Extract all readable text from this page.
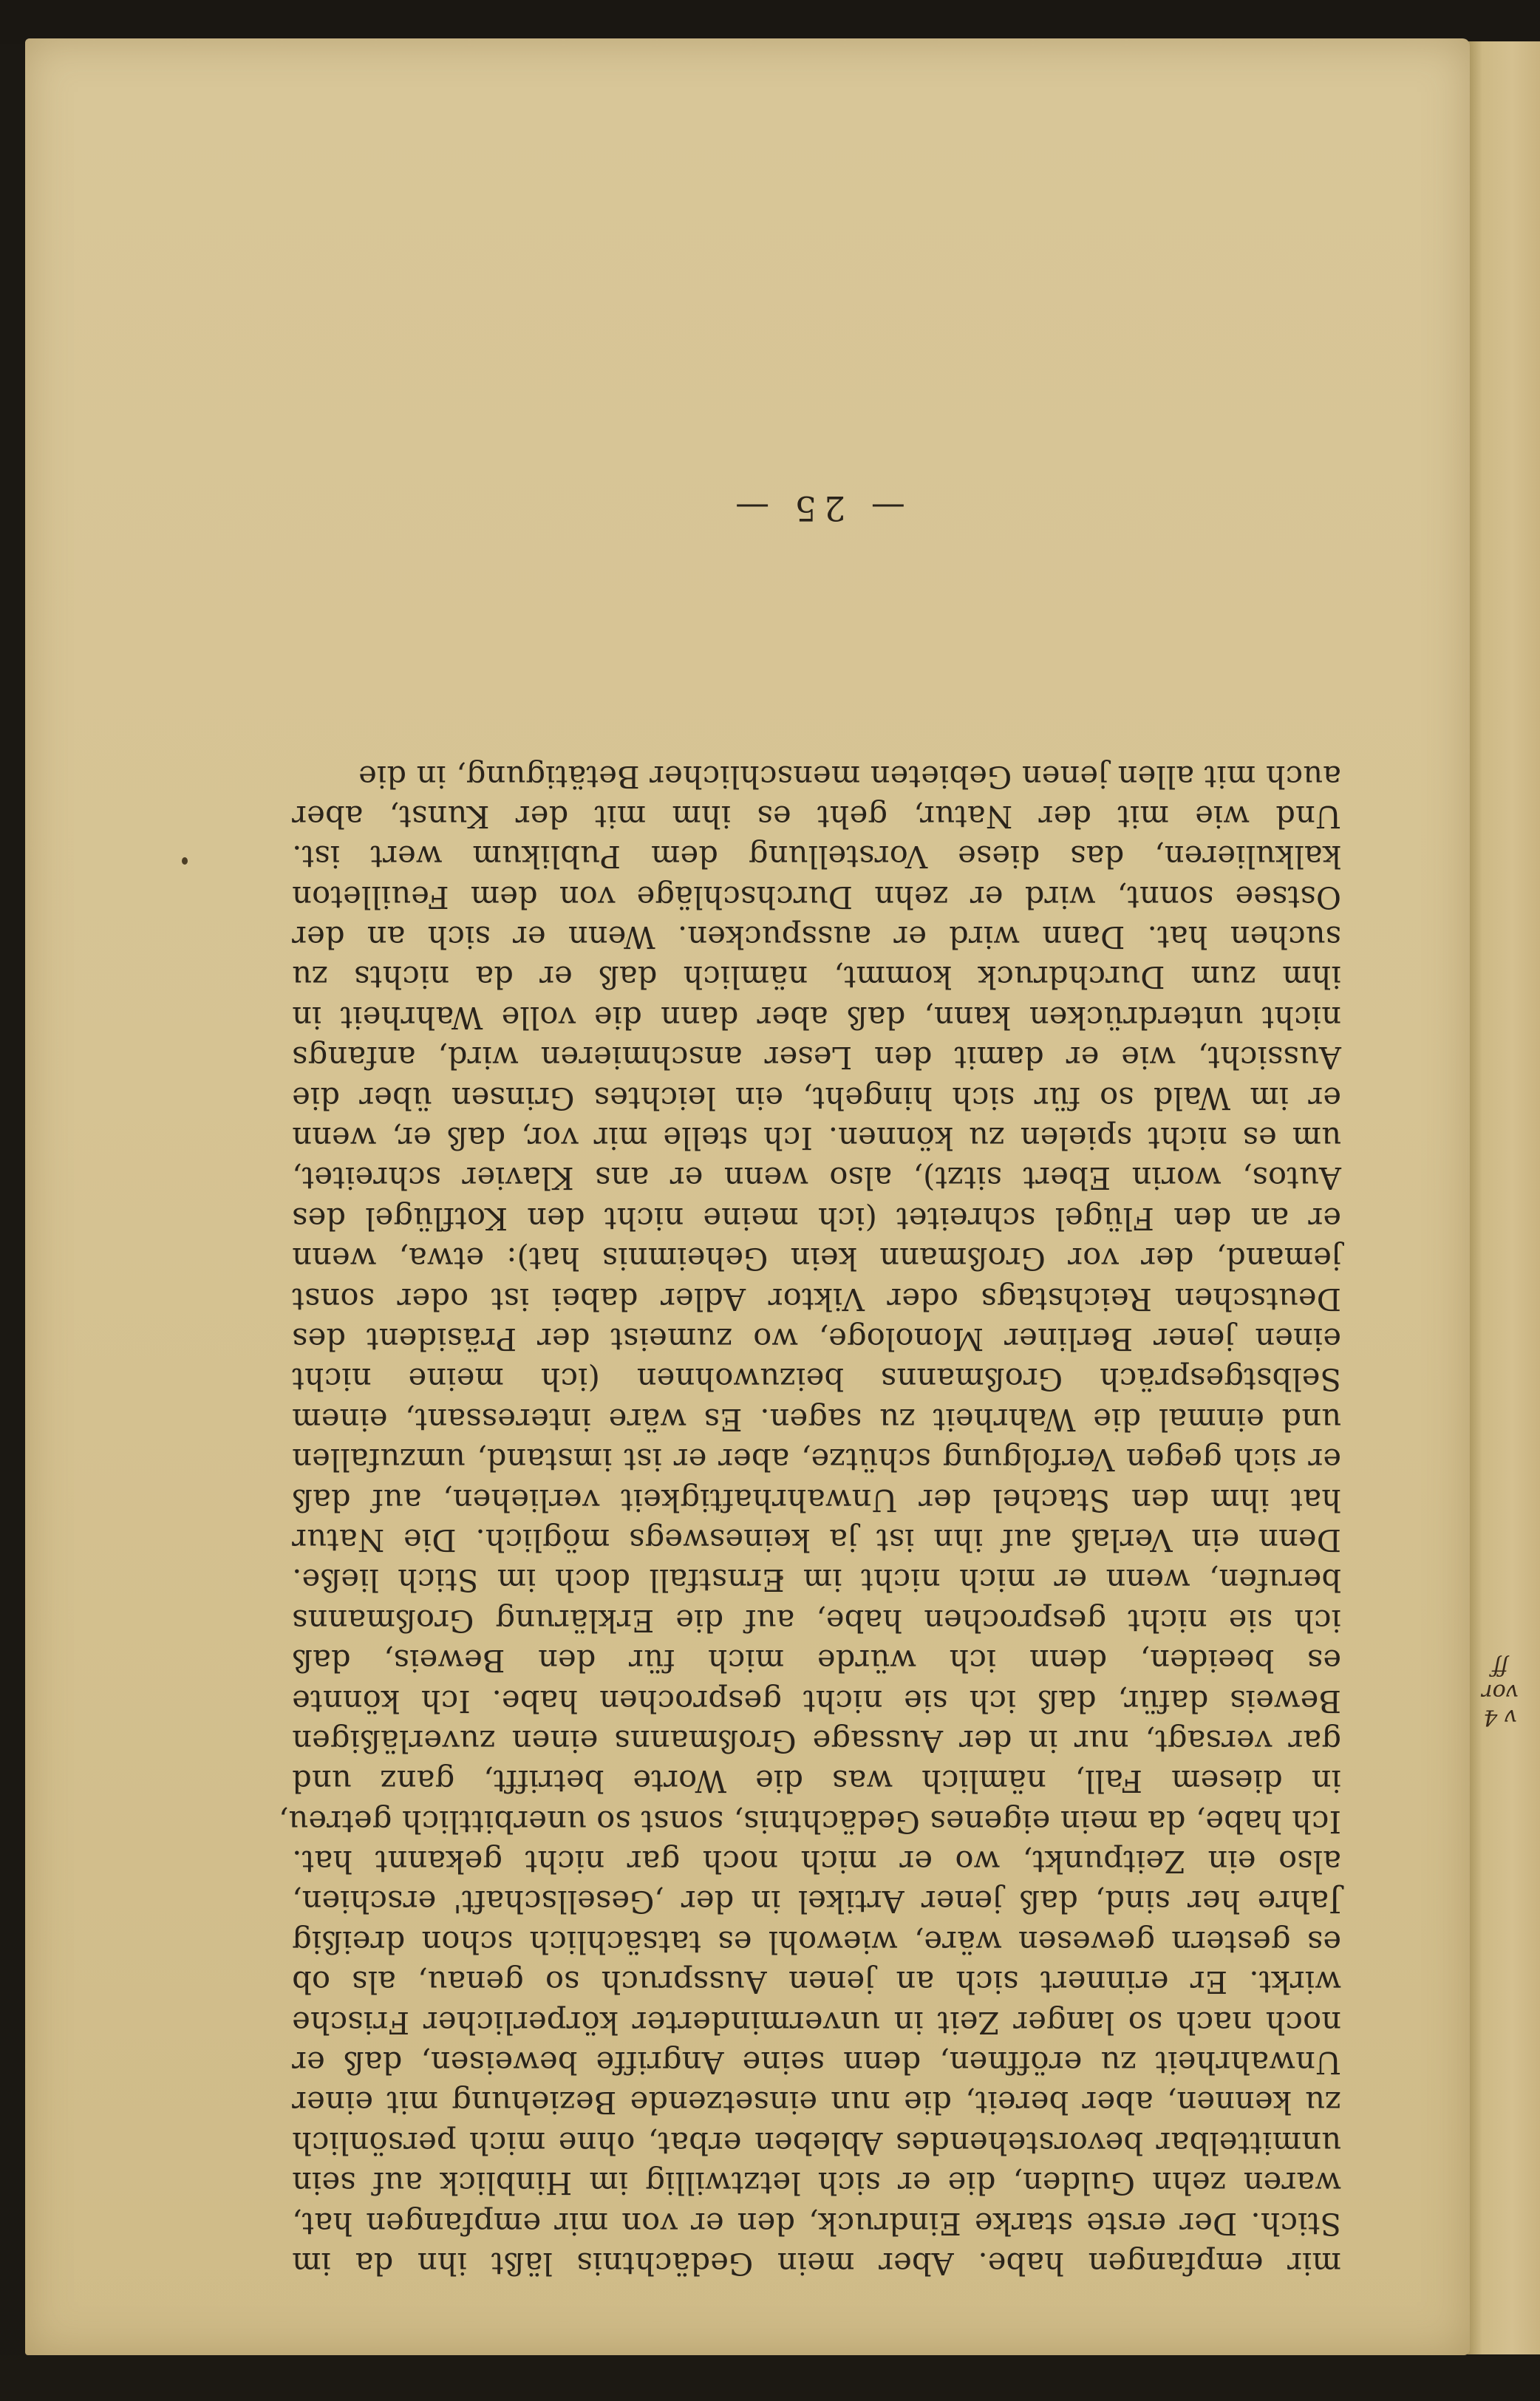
v 4
vor
ff
mir empfangen habe. Aber mein Gedächtnis läßt ihn da im
Stich. Der erste starke Eindruck, den er von mir empfangen hat,
waren zehn Gulden, die er sich letztwillig im Hinblick auf sein
unmittelbar bevorstehendes Ableben erbat, ohne mich persönlich
zu kennen, aber bereit, die nun einsetzende Beziehung mit einer
Unwahrheit zu eröffnen, denn seine Angriffe beweisen, daß er
noch nach so langer Zeit in unverminderter körperlicher Frische
wirkt. Er erinnert sich an jenen Ausspruch so genau, als ob
es gestern gewesen wäre, wiewohl es tatsächlich schon dreißig
Jahre her sind, daß jener Artikel in der ‚Gesellschaft' erschien,
also ein Zeitpunkt, wo er mich noch gar nicht gekannt hat.
Ich habe, da mein eigenes Gedächtnis, sonst so unerbittlich getreu,
in diesem Fall, nämlich was die Worte betrifft, ganz und
gar versagt, nur in der Aussage Großmanns einen zuverläßigen
Beweis dafür, daß ich sie nicht gesprochen habe. Ich könnte
es beeiden, denn ich würde mich für den Beweis, daß
ich sie nicht gesprochen habe, auf die Erklärung Großmanns
berufen, wenn er mich nicht im Ernstfall doch im Stich ließe.
Denn ein Verlaß auf ihn ist ja keineswegs möglich. Die Natur
hat ihm den Stachel der Unwahrhaftigkeit verliehen, auf daß
er sich gegen Verfolgung schütze, aber er ist imstand, umzufallen
und einmal die Wahrheit zu sagen. Es wäre interessant, einem
Selbstgespräch Großmanns beizuwohnen (ich meine nicht
einen jener Berliner Monologe, wo zumeist der Präsident des
Deutschen Reichstags oder Viktor Adler dabei ist oder sonst
jemand, der vor Großmann kein Geheimnis hat): etwa, wenn
er an den Flügel schreitet (ich meine nicht den Kotflügel des
Autos, worin Ebert sitzt), also wenn er ans Klavier schreitet,
um es nicht spielen zu können. Ich stelle mir vor, daß er, wenn
er im Wald so für sich hingeht, ein leichtes Grinsen über die
Aussicht, wie er damit den Leser anschmieren wird, anfangs
nicht unterdrücken kann, daß aber dann die volle Wahrheit in
ihm zum Durchdruck kommt, nämlich daß er da nichts zu
suchen hat. Dann wird er ausspucken. Wenn er sich an der
Ostsee sonnt, wird er zehn Durchschläge von dem Feuilleton
kalkulieren, das diese Vorstellung dem Publikum wert ist.
Und wie mit der Natur, geht es ihm mit der Kunst, aber
auch mit allen jenen Gebieten menschlicher Betätigung, in die
— 25 —
